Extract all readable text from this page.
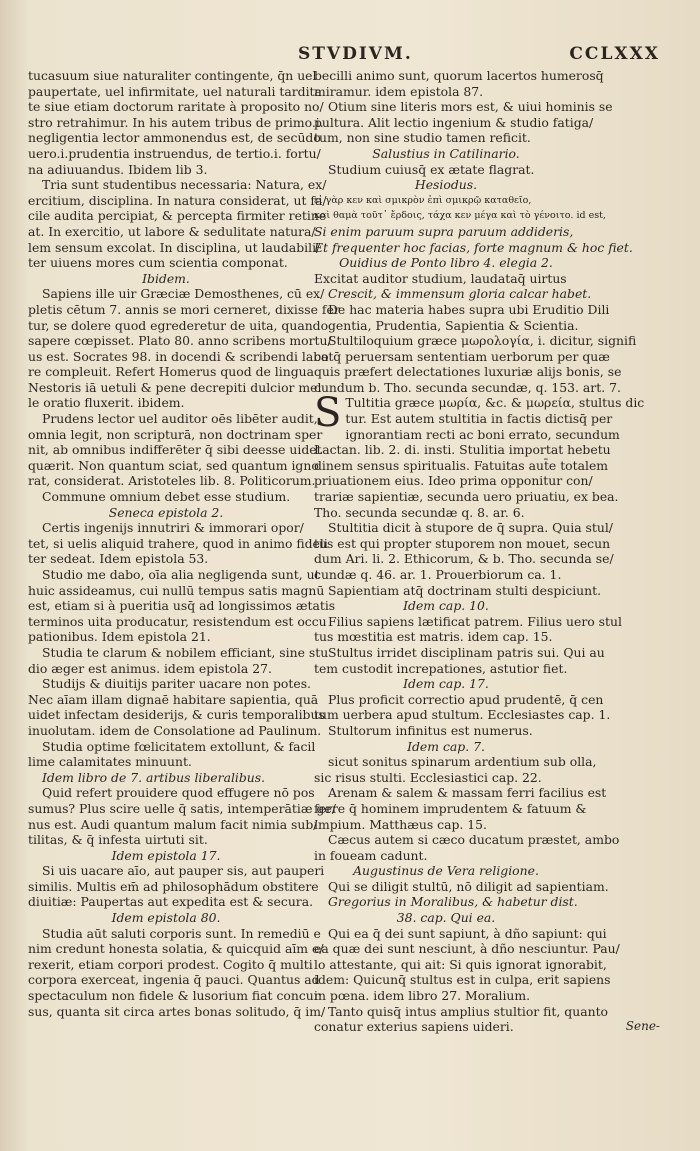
STVDIVM.	CCLXXX
tucasuum siue naturaliter contingente, q̄n uel
paupertate, uel infirmitate, uel naturali tardita
te siue etiam doctorum raritate à proposito no/
stro retrahimur. In his autem tribus de primo.i.
negligentia lector ammonendus est, de secūdo
uero.i.prudentia instruendus, de tertio.i. fortu/
na adiuuandus. Ibidem lib 3.
Tria sunt studentibus necessaria: Natura, ex/
ercitium, disciplina. In natura considerat, ut fa/
cile audita percipiat, & percepta firmiter retine
at. In exercitio, ut labore & sedulitate natura/
lem sensum excolat. In disciplina, ut laudabili/
ter uiuens mores cum scientia componat.
Ibidem.
Sapiens ille uir Græciæ Demosthenes, cū ex/
pletis cētum 7. annis se mori cerneret, dixisse fer
tur, se dolere quod egrederetur de uita, quando
sapere cœpisset. Plato 80. anno scribens mortu/
us est. Socrates 98. in docendi & scribendi labo
re compleuit. Refert Homerus quod de lingua
Nestoris iā uetuli & pene decrepiti dulcior mel
le oratio fluxerit. ibidem.
Prudens lector uel auditor oēs libēter audit,
omnia legit, non scripturā, non doctrinam sper
nit, ab omnibus indifferēter q̄ sibi deesse uidet
quærit. Non quantum sciat, sed quantum igno
rat, considerat. Aristoteles lib. 8. Politicorum.
Commune omnium debet esse studium.
Seneca epistola 2.
Certis ingenijs innutriri & immorari opor/
tet, si uelis aliquid trahere, quod in animo fideli
ter sedeat. Idem epistola 53.
Studio me dabo, oīa alia negligenda sunt, ut
huic assideamus, cui nullū tempus satis magnū
est, etiam si à pueritia usq̄ ad longissimos ætatis
terminos uita producatur, resistendum est occu
pationibus. Idem epistola 21.
Studia te clarum & nobilem efficiant, sine stu
dio æger est animus. idem epistola 27.
Studijs & diuitijs pariter uacare non potes.
Nec aīam illam dignaē habitare sapientia, quā
uidet infectam desiderijs, & curis temporalibus
inuolutam. idem de Consolatione ad Paulinum.
Studia optime fœlicitatem extollunt, & facil
lime calamitates minuunt.
Idem libro de 7. artibus liberalibus.
Quid refert prouidere quod effugere nō pos
sumus? Plus scire uelle q̄ satis, intemperātiæ ge/
nus est. Audi quantum malum facit nimia sub/
tilitas, & q̄ infesta uirtuti sit.
Idem epistola 17.
Si uis uacare aīo, aut pauper sis, aut pauperi
similis. Multis em̄ ad philosophādum obstitere
diuitiæ: Paupertas aut expedita est & secura.
Idem epistola 80.
Studia aūt saluti corporis sunt. In remediū e
nim credunt honesta solatia, & quicquid aīm e/
rexerit, etiam corpori prodest. Cogito q̄ multi
corpora exerceat, ingenia q̄ pauci. Quantus ad
spectaculum non fidele & lusorium fiat concur
sus, quanta sit circa artes bonas solitudo, q̄ im/
becilli animo sunt, quorum lacertos humerosq̄
miramur. idem epistola 87.
Otium sine literis mors est, & uiui hominis se
pultura. Alit lectio ingenium & studio fatiga/
tum, non sine studio tamen reficit.
Salustius in Catilinario.
Studium cuiusq̄ ex ætate flagrat.
Hesiodus.
εἰ γὰρ κεν καὶ σμικρὸν ἐπὶ σμικρῷ καταθεῖο,
καὶ θαμὰ τοῦτ᾽ ἔρδοις, τάχα κεν μέγα καὶ τὸ γένοιτο. id est,
Si enim paruum supra paruum addideris,
Et frequenter hoc facias, forte magnum & hoc fiet.
Ouidius de Ponto libro 4. elegia 2.
Excitat auditor studium, laudataq̄ uirtus
Crescit, & immensum gloria calcar habet.
De hac materia habes supra ubi Eruditio Dili
gentia, Prudentia, Sapientia & Scientia.
Stultiloquium græce μωρολογία, i. dicitur, signifi
catq̄ peruersam sententiam uerborum per quæ
quis præfert delectationes luxuriæ alijs bonis, se
cundum b. Tho. secunda secundæ, q. 153. art. 7.
S Tultitia græce μωρία, &c. & μωρεία, stultus dic
tur. Est autem stultitia in factis dictisq̄ per
ignorantiam recti ac boni errato, secundum
Lactan. lib. 2. di. insti. Stulitia importat hebetu
dinem sensus spiritualis. Fatuitas aut̄e totalem
priuationem eius. Ideo prima opponitur con/
trariæ sapientiæ, secunda uero priuatiu, ex bea.
Tho. secunda secundæ q. 8. ar. 6.
Stultitia dicit à stupore de q̄ supra. Quia stul/
tus est qui propter stuporem non mouet, secun
dum Ari. li. 2. Ethicorum, & b. Tho. secunda se/
cundæ q. 46. ar. 1. Prouerbiorum ca. 1.
Sapientiam atq̄ doctrinam stulti despiciunt.
Idem cap. 10.
Filius sapiens lætificat patrem. Filius uero stul
tus mœstitia est matris. idem cap. 15.
Stultus irridet disciplinam patris sui. Qui au
tem custodit increpationes, astutior fiet.
Idem cap. 17.
Plus proficit correctio apud prudentē, q̄ cen
tum uerbera apud stultum. Ecclesiastes cap. 1.
Stultorum infinitus est numerus.
Idem cap. 7.
sicut sonitus spinarum ardentium sub olla,
sic risus stulti. Ecclesiastici cap. 22.
Arenam & salem & massam ferri facilius est
ferre q̄ hominem imprudentem & fatuum &
impium. Matthæus cap. 15.
Cæcus autem si cæco ducatum præstet, ambo
in foueam cadunt.
Augustinus de Vera religione.
Qui se diligit stultū, nō diligit ad sapientiam.
Gregorius in Moralibus, & habetur dist.
38. cap. Qui ea.
Qui ea q̄ dei sunt sapiunt, à dño sapiunt: qui
ea quæ dei sunt nesciunt, à dño nesciuntur. Pau/
lo attestante, qui ait: Si quis ignorat ignorabit,
idem: Quicunq̄ stultus est in culpa, erit sapiens
in pœna. idem libro 27. Moralium.
Tanto quisq̄ intus amplius stultior fit, quanto
conatur exterius sapiens uideri.	Sene-
